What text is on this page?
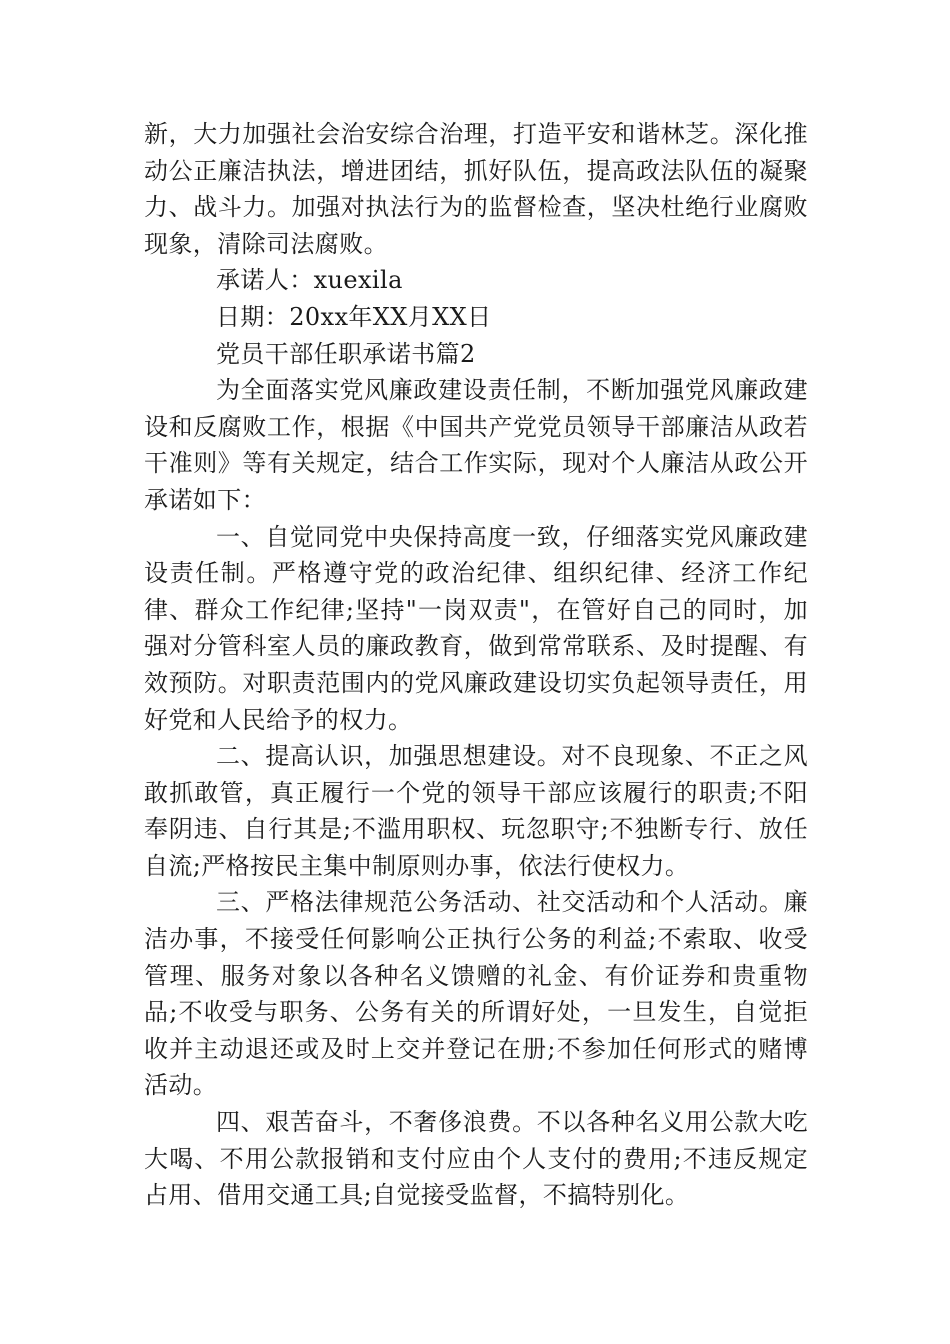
新，大力加强社会治安综合治理，打造平安和谐林芝。深化推动公正廉洁执法，增进团结，抓好队伍，提高政法队伍的凝聚力、战斗力。加强对执法行为的监督检查，坚决杜绝行业腐败现象，清除司法腐败。

承诺人：xuexila

日期：20xx年XX月XX日

党员干部任职承诺书篇2

为全面落实党风廉政建设责任制，不断加强党风廉政建设和反腐败工作，根据《中国共产党党员领导干部廉洁从政若干准则》等有关规定，结合工作实际，现对个人廉洁从政公开承诺如下：

一、自觉同党中央保持高度一致，仔细落实党风廉政建设责任制。严格遵守党的政治纪律、组织纪律、经济工作纪律、群众工作纪律;坚持"一岗双责"，在管好自己的同时，加强对分管科室人员的廉政教育，做到常常联系、及时提醒、有效预防。对职责范围内的党风廉政建设切实负起领导责任，用好党和人民给予的权力。

二、提高认识，加强思想建设。对不良现象、不正之风敢抓敢管，真正履行一个党的领导干部应该履行的职责;不阳奉阴违、自行其是;不滥用职权、玩忽职守;不独断专行、放任自流;严格按民主集中制原则办事，依法行使权力。

三、严格法律规范公务活动、社交活动和个人活动。廉洁办事，不接受任何影响公正执行公务的利益;不索取、收受管理、服务对象以各种名义馈赠的礼金、有价证券和贵重物品;不收受与职务、公务有关的所谓好处，一旦发生，自觉拒收并主动退还或及时上交并登记在册;不参加任何形式的赌博活动。

四、艰苦奋斗，不奢侈浪费。不以各种名义用公款大吃大喝、不用公款报销和支付应由个人支付的费用;不违反规定占用、借用交通工具;自觉接受监督，不搞特别化。
